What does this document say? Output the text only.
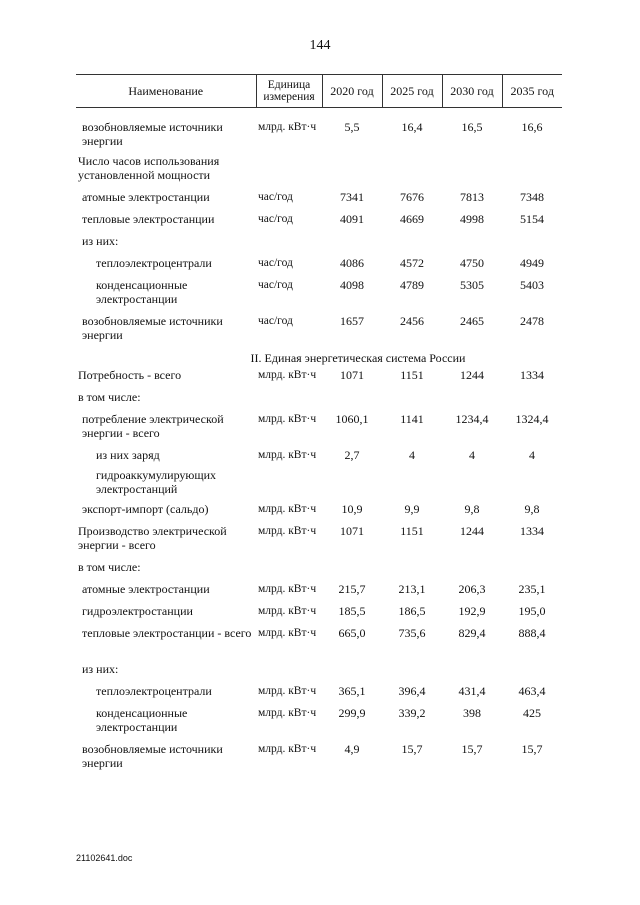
144
Наименование	Единица измерения	2020 год	2025 год	2030 год	2035 год
возобновляемые источники энергии	млрд. кВт·ч	5,5	16,4	16,5	16,6
Число часов использования установленной мощности					
атомные электростанции	час/год	7341	7676	7813	7348
тепловые электростанции	час/год	4091	4669	4998	5154
из них:					
теплоэлектроцентрали	час/год	4086	4572	4750	4949
конденсационные электростанции	час/год	4098	4789	5305	5403
возобновляемые источники энергии	час/год	1657	2456	2465	2478
II. Единая энергетическая система России					
Потребность - всего	млрд. кВт·ч	1071	1151	1244	1334
в том числе:					
потребление электрической энергии - всего	млрд. кВт·ч	1060,1	1141	1234,4	1324,4
из них заряд	млрд. кВт·ч	2,7	4	4	4
гидроаккумулирующих электростанций					
экспорт-импорт (сальдо)	млрд. кВт·ч	10,9	9,9	9,8	9,8
Производство электрической энергии - всего	млрд. кВт·ч	1071	1151	1244	1334
в том числе:					
атомные электростанции	млрд. кВт·ч	215,7	213,1	206,3	235,1
гидроэлектростанции	млрд. кВт·ч	185,5	186,5	192,9	195,0
тепловые электростанции - всего	млрд. кВт·ч	665,0	735,6	829,4	888,4
из них:					
теплоэлектроцентрали	млрд. кВт·ч	365,1	396,4	431,4	463,4
конденсационные электростанции	млрд. кВт·ч	299,9	339,2	398	425
возобновляемые источники энергии	млрд. кВт·ч	4,9	15,7	15,7	15,7
21102641.doc
